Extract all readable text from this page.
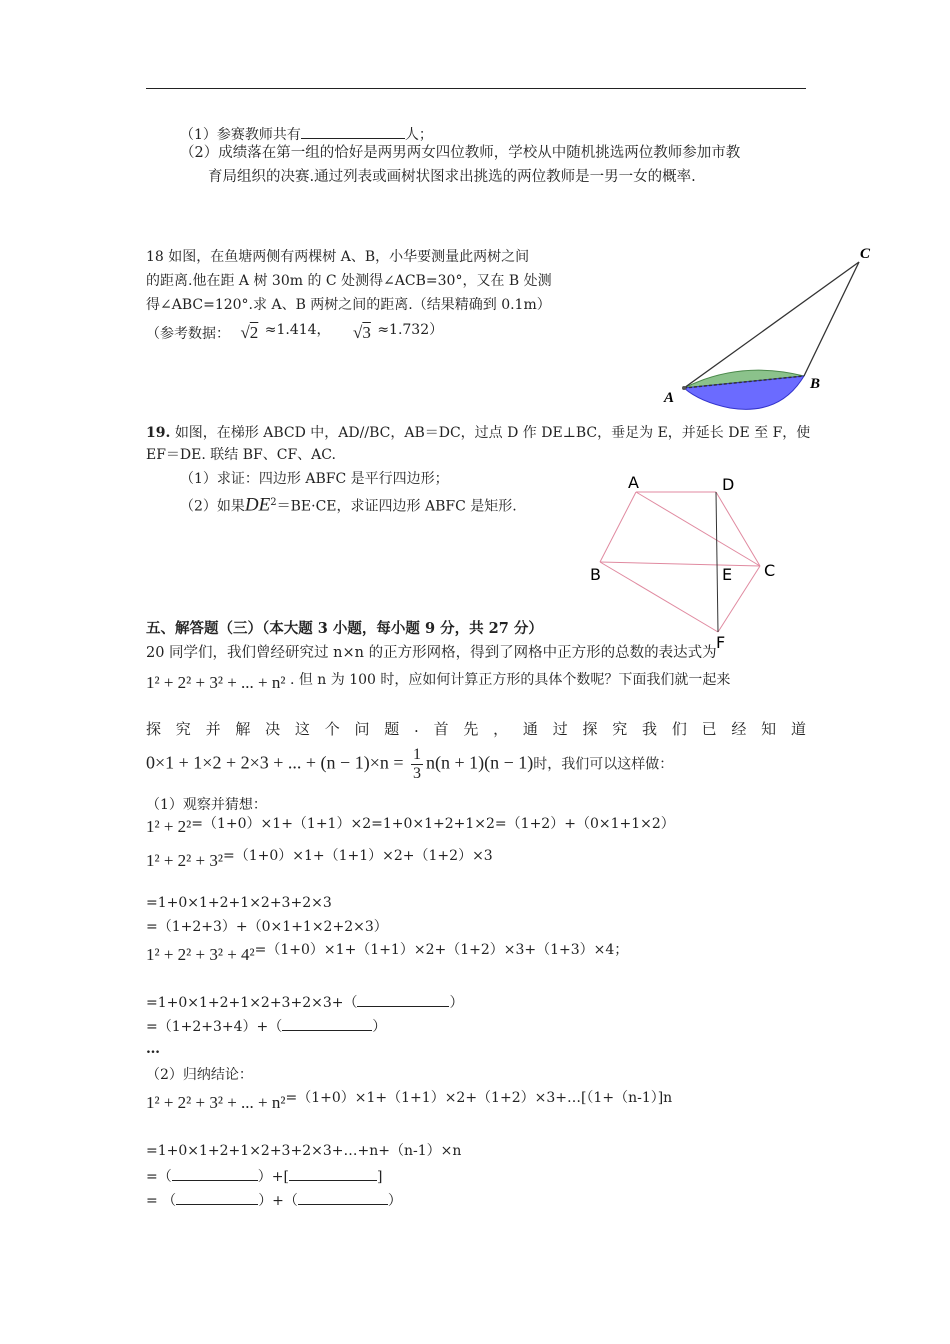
（1）参赛教师共有	人；
（2）成绩落在第一组的恰好是两男两女四位教师，学校从中随机挑选两位教师参加市教
育局组织的决赛.通过列表或画树状图求出挑选的两位教师是一男一女的概率.
18 如图，在鱼塘两侧有两棵树 A、B，小华要测量此两树之间
的距离.他在距 A 树 30m 的 C 处测得∠ACB=30°，又在 B 处测
得∠ABC=120°.求 A、B 两树之间的距离.（结果精确到 0.1m）
（参考数据： √2 ≈1.414， √3 ≈1.732）
A
B
C
19. 如图，在梯形 ABCD 中，AD//BC，AB＝DC，过点 D 作 DE⊥BC，垂足为 E，并延长 DE 至 F，使
EF＝DE. 联结 BF、CF、AC.
（1）求证：四边形 ABFC 是平行四边形；
（2）如果$DE^2=BE\cdot CE$，求证四边形 ABFC 是矩形.
A	D
B	E C
F
五、解答题（三）（本大题 3 小题，每小题 9 分，共 27 分）
20 同学们，我们曾经研究过 n×n 的正方形网格，得到了网格中正方形的总数的表达式为
1² + 2² + 3² + ... + n² . 但 n 为 100 时，应如何计算正方形的具体个数呢？下面我们就一起来
探 究 并 解 决 这 个 问 题 . 首 先 ， 通 过 探 究 我 们 已 经 知 道
0×1 + 1×2 + 2×3 + ... + $(n - 1)\times n = \frac{1}{3} n(n + 1)(n - 1)$时，我们可以这样做：
（1）观察并猜想：
1² + 2²=（1+0）×1+（1+1）×2=1+0×1+2+1×2=（1+2）+（0×1+1×2）
1² + 2² + 3²=（1+0）×1+（1+1）×2+（1+2）×3
=1+0×1+2+1×2+3+2×3
=（1+2+3）+（0×1+1×2+2×3）
1² + 2² + 3² + 4²=（1+0）×1+（1+1）×2+（1+2）×3+（1+3）×4；
=1+0×1+2+1×2+3+2×3+（	）
=（1+2+3+4）+（	）
…
（2）归纳结论：
1² + 2² + 3² + ... + n²=（1+0）×1+（1+1）×2+（1+2）×3+…[（1+（n-1）]n
=1+0×1+2+1×2+3+2×3+…+n+（n-1）×n
=（	）+[	]
= （	）+（	）
